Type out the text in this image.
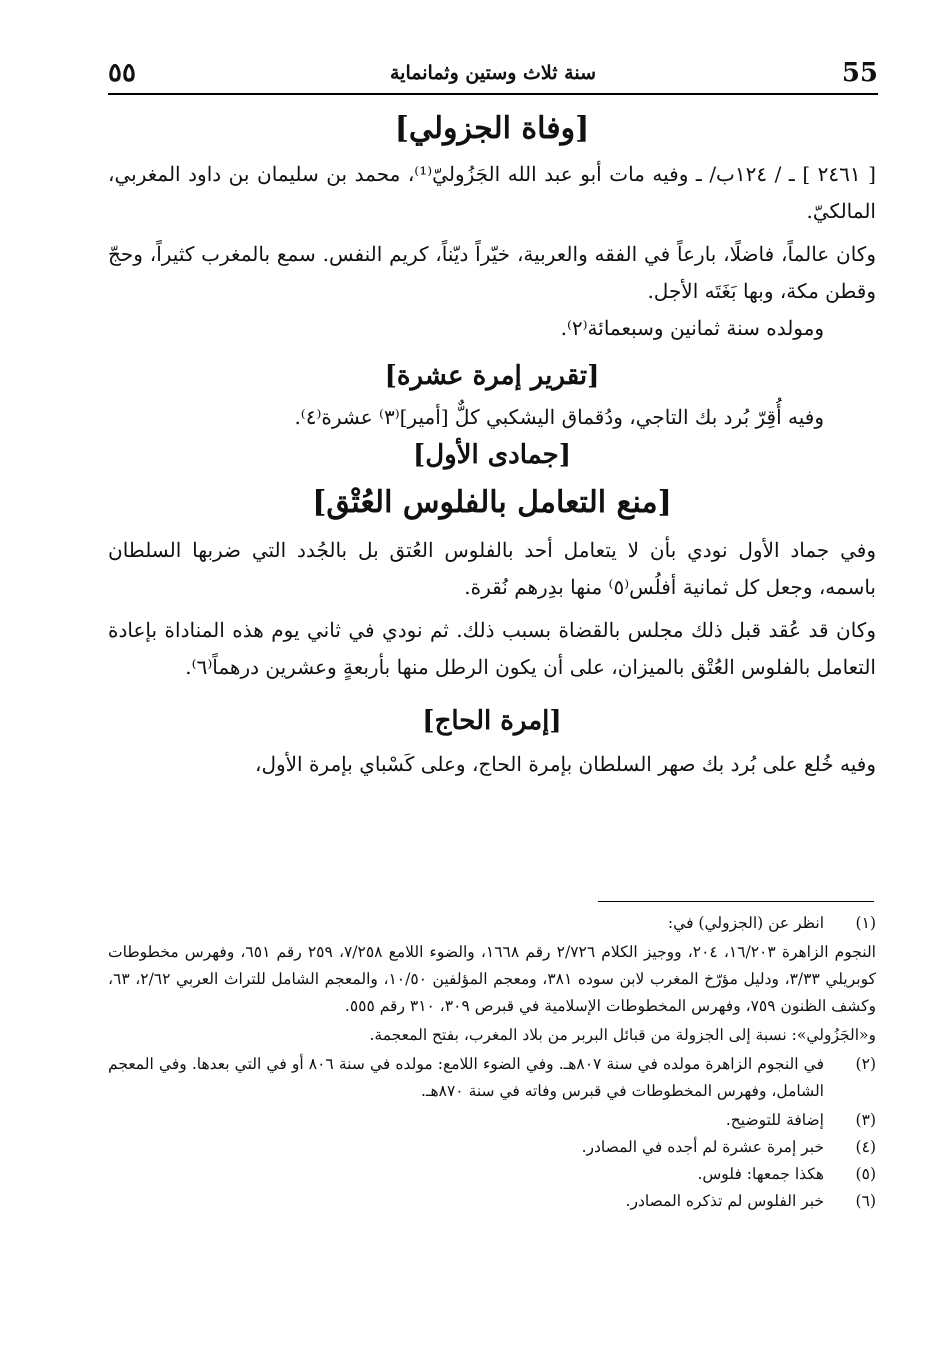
55
سنة ثلاث وستين وثمانماية
٥٥
[وفاة الجزولي]

[ ٢٤٦١ ] ـ / ١٢٤ب/ ـ وفيه مات أبو عبد الله الجَزُوليّ⁽¹⁾، محمد بن سليمان بن داود المغربي، المالكيّ.

وكان عالماً، فاضلًا، بارعاً في الفقه والعربية، خيّراً ديّناً، كريم النفس. سمع بالمغرب كثيراً، وحجّ وقطن مكة، وبها بَغَتَه الأجل.

ومولده سنة ثمانين وسبعمائة⁽٢⁾.

[تقرير إمرة عشرة]

وفيه أُقِرّ بُرد بك التاجي، ودُقماق اليشكبي كلٌّ [أمير]⁽٣⁾ عشرة⁽٤⁾.

[جمادى الأول]
[منع التعامل بالفلوس العُتْق]

وفي جماد الأول نودي بأن لا يتعامل أحد بالفلوس العُتق بل بالجُدد التي ضربها السلطان باسمه، وجعل كل ثمانية أفلُس⁽٥⁾ منها بدِرهم نُقرة.

وكان قد عُقد قبل ذلك مجلس بالقضاة بسبب ذلك. ثم نودي في ثاني يوم هذه المناداة بإعادة التعامل بالفلوس العُتْق بالميزان، على أن يكون الرطل منها بأربعةٍ وعشرين درهماً⁽٦⁾.

[إمرة الحاج]

وفيه خُلع على بُرد بك صهر السلطان بإمرة الحاج، وعلى كَسْباي بإمرة الأول،

(١)
انظر عن (الجزولي) في:
النجوم الزاهرة ١٦/٢٠٣، ٢٠٤، ووجيز الكلام ٢/٧٢٦ رقم ١٦٦٨، والضوء اللامع ٧/٢٥٨، ٢٥٩ رقم ٦٥١، وفهرس مخطوطات كوبريلي ٣/٣٣، ودليل مؤرّخ المغرب لابن سوده ٣٨١، ومعجم المؤلفين ١٠/٥٠، والمعجم الشامل للتراث العربي ٢/٦٢، ٦٣، وكشف الظنون ٧٥٩، وفهرس المخطوطات الإسلامية في قبرص ٣٠٩، ٣١٠ رقم ٥٥٥.
و«الجَزُولي»: نسبة إلى الجزولة من قبائل البربر من بلاد المغرب، بفتح المعجمة.
(٢)
في النجوم الزاهرة مولده في سنة ٨٠٧هـ. وفي الضوء اللامع: مولده في سنة ٨٠٦ أو في التي بعدها. وفي المعجم الشامل، وفهرس المخطوطات في قبرس وفاته في سنة ٨٧٠هـ.
(٣)
إضافة للتوضيح.
(٤)
خبر إمرة عشرة لم أجده في المصادر.
(٥)
هكذا جمعها: فلوس.
(٦)
خبر الفلوس لم تذكره المصادر.
